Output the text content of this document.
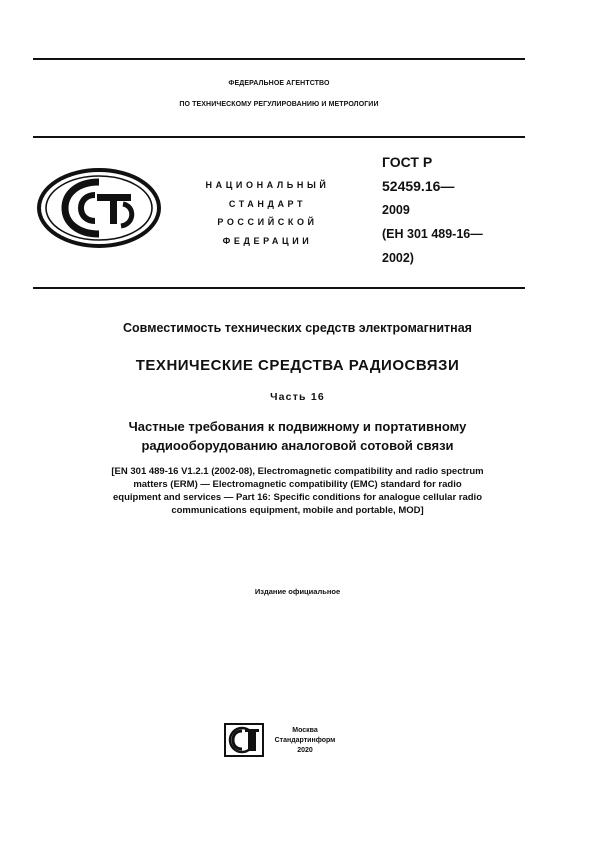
ФЕДЕРАЛЬНОЕ АГЕНТСТВО
ПО ТЕХНИЧЕСКОМУ РЕГУЛИРОВАНИЮ И МЕТРОЛОГИИ
НАЦИОНАЛЬНЫЙ
СТАНДАРТ
РОССИЙСКОЙ
ФЕДЕРАЦИИ
ГОСТ Р
52459.16—
2009
(ЕН 301 489-16—
2002)
Совместимость технических средств электромагнитная
ТЕХНИЧЕСКИЕ СРЕДСТВА РАДИОСВЯЗИ
Часть 16
Частные требования к подвижному и портативному
радиооборудованию аналоговой сотовой связи
[EN 301 489-16 V1.2.1 (2002-08), Electromagnetic compatibility and radio spectrum
matters (ERM) — Electromagnetic compatibility (EMC) standard for radio
equipment and services — Part 16: Specific conditions for analogue cellular radio
communications equipment, mobile and portable, MOD]
Издание официальное
Москва
Стандартинформ
2020
